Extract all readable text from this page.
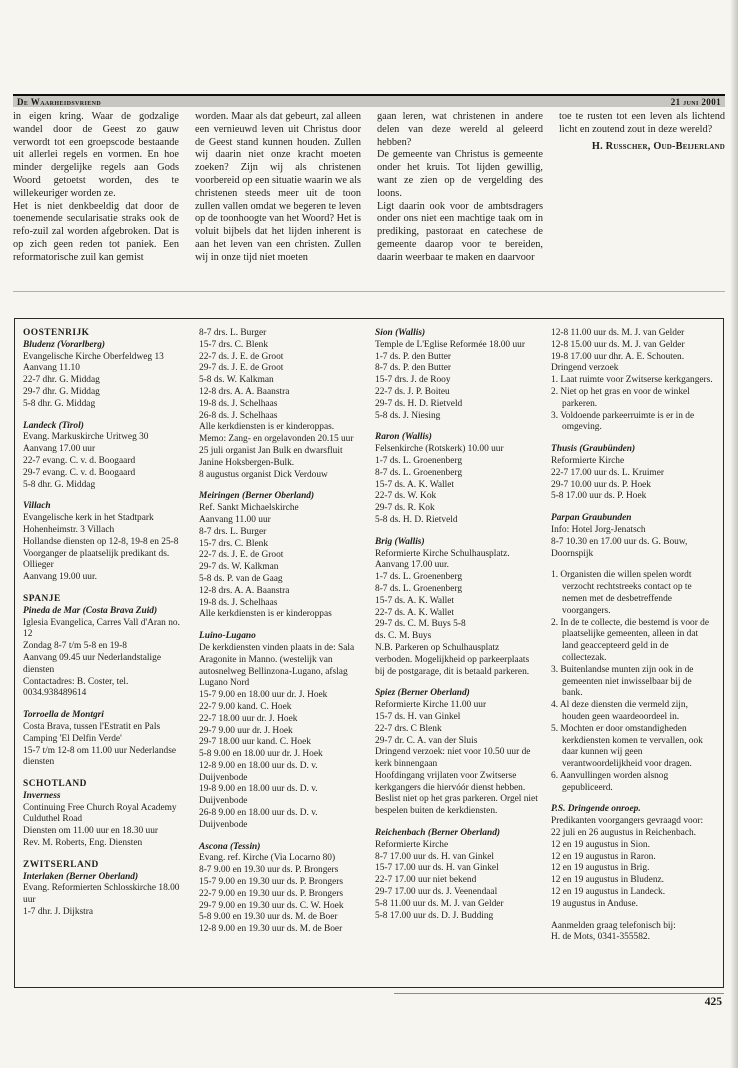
De Waarheidsvriend	21 juni 2001

in eigen kring. Waar de godzalige wandel door de Geest zo gauw verwordt tot een groepscode bestaande uit allerlei regels en vormen. En hoe minder dergelijke regels aan Gods Woord getoetst worden, des te willekeuriger worden ze.

Het is niet denkbeeldig dat door de toenemende secularisatie straks ook de refo-zuil zal worden afgebroken. Dat is op zich geen reden tot paniek. Een reformatorische zuil kan gemist

worden. Maar als dat gebeurt, zal alleen een vernieuwd leven uit Christus door de Geest stand kunnen houden. Zullen wij daarin niet onze kracht moeten zoeken? Zijn wij als christenen voorbereid op een situatie waarin we als christenen steeds meer uit de toon zullen vallen omdat we begeren te leven op de toonhoogte van het Woord? Het is voluit bijbels dat het lijden inherent is aan het leven van een christen. Zullen wij in onze tijd niet moeten

gaan leren, wat christenen in andere delen van deze wereld al geleerd hebben?

De gemeente van Christus is gemeente onder het kruis. Tot lijden gewillig, want ze zien op de vergelding des loons.

Ligt daarin ook voor de ambtsdragers onder ons niet een machtige taak om in prediking, pastoraat en catechese de gemeente daarop voor te bereiden, daarin weerbaar te maken en daarvoor

toe te rusten tot een leven als lichtend licht en zoutend zout in deze wereld?

H. Russcher, Oud-Beijerland

OOSTENRIJK
Bludenz (Vorarlberg)
Evangelische Kirche Oberfeldweg 13
Aanvang 11.10
22-7 dhr. G. Middag
29-7 dhr. G. Middag
5-8 dhr. G. Middag
Landeck (Tirol)
Evang. Markuskirche Uritweg 30
Aanvang 17.00 uur
22-7 evang. C. v. d. Boogaard
29-7 evang. C. v. d. Boogaard
5-8 dhr. G. Middag
Villach
Evangelische kerk in het Stadtpark Hohenheimstr. 3 Villach
Hollandse diensten op 12-8, 19-8 en 25-8
Voorganger de plaatselijk predikant ds. Ollieger
Aanvang 19.00 uur.
SPANJE
Pineda de Mar (Costa Brava Zuid)
Iglesia Evangelica, Carres Vall d'Aran no. 12
Zondag 8-7 t/m 5-8 en 19-8
Aanvang 09.45 uur Nederlandstalige diensten
Contactadres: B. Coster, tel. 0034.938489614
Torroella de Montgri
Costa Brava, tussen l'Estratit en Pals
Camping 'El Delfin Verde'
15-7 t/m 12-8 om 11.00 uur Nederlandse diensten
SCHOTLAND
Inverness
Continuing Free Church Royal Academy Culduthel Road
Diensten om 11.00 uur en 18.30 uur
Rev. M. Roberts, Eng. Diensten
ZWITSERLAND
Interlaken (Berner Oberland)
Evang. Reformierten Schlosskirche 18.00 uur
1-7 dhr. J. Dijkstra
8-7 drs. L. Burger
15-7 drs. C. Blenk
22-7 ds. J. E. de Groot
29-7 ds. J. E. de Groot
5-8 ds. W. Kalkman
12-8 drs. A. A. Baanstra
19-8 ds. J. Schelhaas
26-8 ds. J. Schelhaas
Alle kerkdiensten is er kinderoppas.
Memo: Zang- en orgelavonden 20.15 uur
25 juli organist Jan Bulk en dwarsfluit Janine Hoksbergen-Bulk.
8 augustus organist Dick Verdouw
Meiringen (Berner Oberland)
Ref. Sankt Michaelskirche
Aanvang 11.00 uur
8-7 drs. L. Burger
15-7 drs. C. Blenk
22-7 ds. J. E. de Groot
29-7 ds. W. Kalkman
5-8 ds. P. van de Gaag
12-8 drs. A. A. Baanstra
19-8 ds. J. Schelhaas
Alle kerkdiensten is er kinderoppas
Luino-Lugano
De kerkdiensten vinden plaats in de: Sala Aragonite in Manno. (westelijk van autosnelweg Bellinzona-Lugano, afslag Lugano Nord
15-7 9.00 en 18.00 uur dr. J. Hoek
22-7 9.00 kand. C. Hoek
22-7 18.00 uur dr. J. Hoek
29-7 9.00 uur dr. J. Hoek
29-7 18.00 uur kand. C. Hoek
5-8 9.00 en 18.00 uur dr. J. Hoek
12-8 9.00 en 18.00 uur ds. D. v. Duijvenbode
19-8 9.00 en 18.00 uur ds. D. v. Duijvenbode
26-8 9.00 en 18.00 uur ds. D. v. Duijvenbode
Ascona (Tessin)
Evang. ref. Kirche (Via Locarno 80)
8-7 9.00 en 19.30 uur ds. P. Brongers
15-7 9.00 en 19.30 uur ds. P. Brongers
22-7 9.00 en 19.30 uur ds. P. Brongers
29-7 9.00 en 19.30 uur ds. C. W. Hoek
5-8 9.00 en 19.30 uur ds. M. de Boer
12-8 9.00 en 19.30 uur ds. M. de Boer
Sion (Wallis)
Temple de L'Eglise Reformée 18.00 uur
1-7 ds. P. den Butter
8-7 ds. P. den Butter
15-7 drs. J. de Rooy
22-7 ds. J. P. Boiteu
29-7 ds. H. D. Rietveld
5-8 ds. J. Niesing
Raron (Wallis)
Felsenkirche (Rotskerk) 10.00 uur
1-7 ds. L. Groenenberg
8-7 ds. L. Groenenberg
15-7 ds. A. K. Wallet
22-7 ds. W. Kok
29-7 ds. R. Kok
5-8 ds. H. D. Rietveld
Brig (Wallis)
Reformierte Kirche Schulhausplatz. Aanvang 17.00 uur.
1-7 ds. L. Groenenberg
8-7 ds. L. Groenenberg
15-7 ds. A. K. Wallet
22-7 ds. A. K. Wallet
29-7 ds. C. M. Buys 5-8
ds. C. M. Buys
N.B. Parkeren op Schulhausplatz verboden. Mogelijkheid op parkeerplaats bij de postgarage, dit is betaald parkeren.
Spiez (Berner Oberland)
Reformierte Kirche 11.00 uur
15-7 ds. H. van Ginkel
22-7 drs. C Blenk
29-7 dr. C. A. van der Sluis
Dringend verzoek: niet voor 10.50 uur de kerk binnengaan
Hoofdingang vrijlaten voor Zwitserse kerkgangers die hiervóór dienst hebben. Beslist niet op het gras parkeren. Orgel niet bespelen buiten de kerkdiensten.
Reichenbach (Berner Oberland)
Reformierte Kirche
8-7 17.00 uur ds. H. van Ginkel
15-7 17.00 uur ds. H. van Ginkel
22-7 17.00 uur niet bekend
29-7 17.00 uur ds. J. Veenendaal
5-8 11.00 uur ds. M. J. van Gelder
5-8 17.00 uur ds. D. J. Budding
12-8 11.00 uur ds. M. J. van Gelder
12-8 15.00 uur ds. M. J. van Gelder
19-8 17.00 uur dhr. A. E. Schouten.
Dringend verzoek
1. Laat ruimte voor Zwitserse kerkgangers.
2. Niet op het gras en voor de winkel parkeren.
3. Voldoende parkeerruimte is er in de omgeving.
Thusis (Graubünden)
Reformierte Kirche
22-7 17.00 uur ds. L. Kruimer
29-7 10.00 uur ds. P. Hoek
5-8 17.00 uur ds. P. Hoek
Parpan Graubunden
Info: Hotel Jorg-Jenatsch
8-7 10.30 en 17.00 uur ds. G. Bouw, Doornspijk
1. Organisten die willen spelen wordt verzocht rechtstreeks contact op te nemen met de desbetreffende voorgangers.
2. In de te collecte, die bestemd is voor de plaatselijke gemeenten, alleen in dat land geaccepteerd geld in de collectezak.
3. Buitenlandse munten zijn ook in de gemeenten niet inwisselbaar bij de bank.
4. Al deze diensten die vermeld zijn, houden geen waardeoordeel in.
5. Mochten er door omstandigheden kerkdiensten komen te vervallen, ook daar kunnen wij geen verantwoordelijkheid voor dragen.
6. Aanvullingen worden alsnog gepubliceerd.
P.S. Dringende onroep.
Predikanten voorgangers gevraagd voor:
22 juli en 26 augustus in Reichenbach.
12 en 19 augustus in Sion.
12 en 19 augustus in Raron.
12 en 19 augustus in Brig.
12 en 19 augustus in Bludenz.
12 en 19 augustus in Landeck.
19 augustus in Anduse.
Aanmelden graag telefonisch bij:
H. de Mots, 0341-355582.
425
